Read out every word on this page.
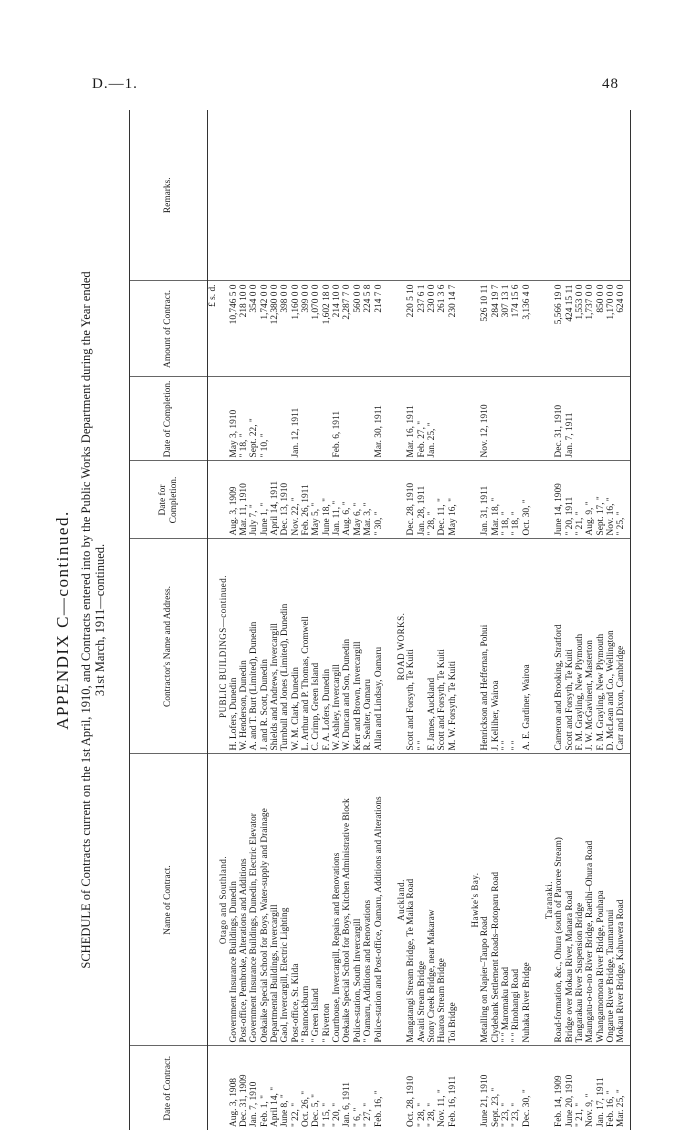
D.—1.	48
APPENDIX C—continued. SCHEDULE of Contracts current on the 1st April, 1910, and Contracts entered into by the Public Works Department during the Year ended 31st March, 1911—continued.
Date of Contract.	Name of Contract.	Contractor's Name and Address.	Date for Completion.	Date of Completion.	Amount of Contract.	Remarks.
					£ s. d.	
	Otago and Southland.	PUBLIC BUILDINGS—continued.				
Aug. 3, 1908	Government Insurance Buildings, Dunedin	H. Lofers, Dunedin	Aug. 3, 1909	May 3, 1910	10,746 5 0	
Dec. 31, 1909	Post-office, Pembroke, Alterations and Additions	W. Henderson, Dunedin	Mar. 11, 1910	" 18, "	218 10 0	
Jan. 7, 1910	Government Insurance Buildings, Dunedin, Electric Elevator	A. and T. Burt (Limited), Dunedin	July 7, "	Sept. 22, "	354 0 0	
Feb. 1, "	Otekaike Special School for Boys, Water-supply and Drainage	J. and R. Scott, Dunedin	June 1, "	" 10, "	1,742 0 0	
April 14, "	Departmental Buildings, Invercargill	Shields and Andrews, Invercargill	April 14, 1911		12,380 0 0	
June 8, "	Gaol, Invercargill, Electric Lighting	Turnbull and Jones (Limited), Dunedin	Dec. 13, 1910		398 0 0	
" 22, "	Post-office, St. Kilda	W. M. Clark, Dunedin	Nov. 22, "	Jan. 12, 1911	1,160 0 0	
Oct. 26, "	" Bannockburn	L. Arthur and P. Thomas, Cromwell	Feb. 26, 1911		399 0 0	
Dec. 5, "	" Green Island	C. Crimp, Green Island	May 5, "		1,070 0 0	
" 15, "	" Riverton	F. A. Lofers, Dunedin	June 18, "		1,602 18 0	
" 20, "	Courthouse, Invercargill, Repairs and Renovations	W. Ashley, Invercargill	Jan. 11, "	Feb. 6, 1911	214 10 0	
Jan. 6, 1911	Otekaike Special School for Boys, Kitchen Administrative Block	W. Duncan and Son, Dunedin	Aug. 6, "		2,287 7 0	
" 6, "	Police-station, South Invercargill	Kerr and Brown, Invercargill	May 6, "		560 0 0	
" 27, "	" Oamaru, Additions and Renovations	R. Sealter, Oamaru	Mar. 3, "		224 5 8	
Feb. 16, "	Police-station and Post-office, Oamaru, Additions and Alterations	Allan and Lindsay, Oamaru	" 30, "	Mar. 30, 1911	214 7 0	

	Auckland.	ROAD WORKS.				
Oct. 28, 1910	Mangatangi Stream Bridge, Te Maika Road	Scott and Forsyth, Te Kuiti	Dec. 28, 1910	Mar. 16, 1911	220 5 10	
" 28, "	Awaiti Stream Bridge	" "	Jan. 28, 1911	Feb. 27, "	237 6 1	
" 28, "	Stony Creek Bridge, near Makaraw	F. James, Auckland	" 28, "	Jan. 25, "	230 0 0	
Nov. 11, "	Huaroa Stream Bridge	Scott and Forsyth, Te Kuiti	Dec. 11, "		261 3 6	
Feb. 16, 1911	Toi Bridge	M. W. Forsyth, Te Kuiti	May 16, "		230 14 7	

	Hawke's Bay.					
June 21, 1910	Metalling on Napier–Taupo Road	Henrickson and Heffernan, Pohui	Jan. 31, 1911	Nov. 12, 1910	526 10 11	
Sept. 23, "	Clydebank Settlement Roads–Rotoparu Road	J. Kelliher, Wairoa	Mar. 18, "		284 19 7	
" 23, "	" " Maromaku Road	" "	" 18, "		307 13 1	
" 23, "	" " Rinohangi Road	" "	" 18, "		174 15 6	
Dec. 30, "	Nuhaka River Bridge	A. E. Gardiner, Wairoa	Oct. 30, "		3,136 4 0	

	Taranaki.					
Feb. 14, 1909	Road-formation, &c., Ohura (south of Paroree Stream)	Cameron and Brooking, Stratford	June 14, 1909	Dec. 31, 1910	5,566 19 0	
June 20, 1910	Bridge over Mokau River, Manara Road	Scott and Forsyth, Te Kuiti	" 20, 1911	Jan. 7, 1911	424 15 11	
" 21, "	Tangarakau River Suspension Bridge	F. M. Grayling, New Plymouth	" 21, "		1,553 0 0	
Nov. 9, "	Maungatu-o-to-no River Bridge, Raetihi–Ohura Road	J. W. McGavinent, Masterton	Aug. 9, "		1,737 0 0	
Jan. 17, 1911	Whangamomona River Bridge, Pouhapa	F. M. Grayling, New Plymouth	Sept. 17, "		850 0 0	
Feb. 16, "	Ongarue River Bridge, Taumarunui	D. McLean and Co., Wellington	Nov. 16, "		1,170 0 0	
Mar. 25, "	Mokau River Bridge, Kahuwera Road	Carr and Dixon, Cambridge	" 25, "		624 0 0	
